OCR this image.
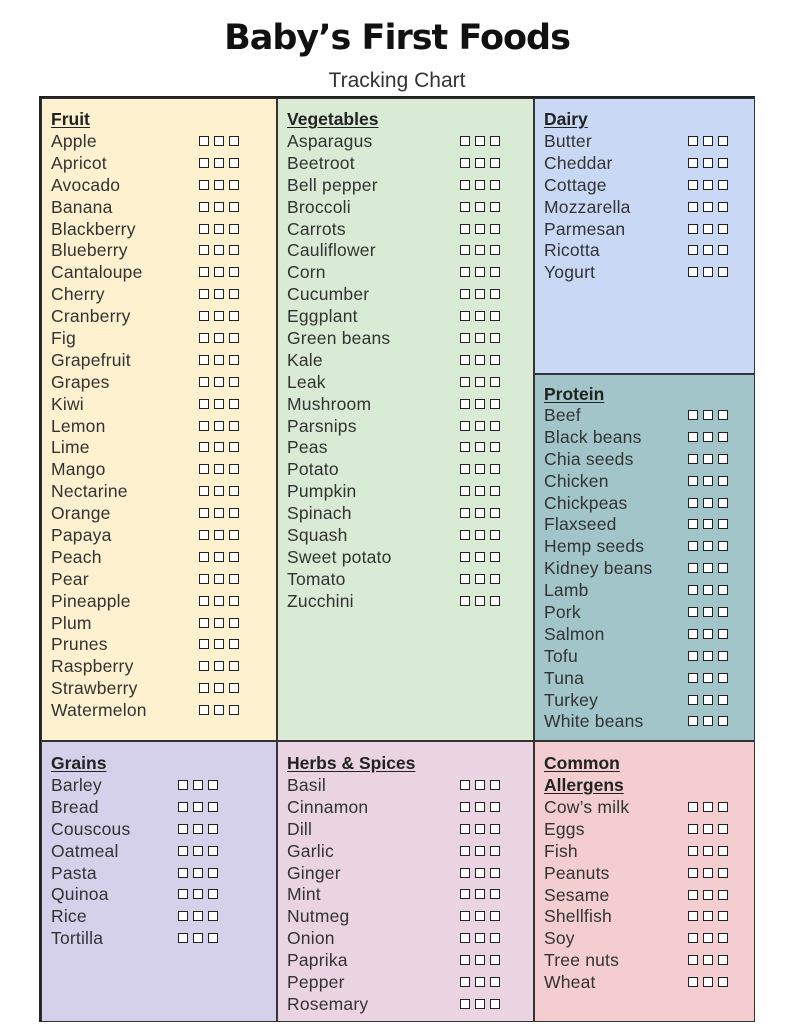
Baby’s First Foods
Tracking Chart
Fruit
Apple
Apricot
Avocado
Banana
Blackberry
Blueberry
Cantaloupe
Cherry
Cranberry
Fig
Grapefruit
Grapes
Kiwi
Lemon
Lime
Mango
Nectarine
Orange
Papaya
Peach
Pear
Pineapple
Plum
Prunes
Raspberry
Strawberry
Watermelon
Vegetables
Asparagus
Beetroot
Bell pepper
Broccoli
Carrots
Cauliflower
Corn
Cucumber
Eggplant
Green beans
Kale
Leak
Mushroom
Parsnips
Peas
Potato
Pumpkin
Spinach
Squash
Sweet potato
Tomato
Zucchini
Dairy
Butter
Cheddar
Cottage
Mozzarella
Parmesan
Ricotta
Yogurt
Protein
Beef
Black beans
Chia seeds
Chicken
Chickpeas
Flaxseed
Hemp seeds
Kidney beans
Lamb
Pork
Salmon
Tofu
Tuna
Turkey
White beans
Grains
Barley
Bread
Couscous
Oatmeal
Pasta
Quinoa
Rice
Tortilla
Herbs & Spices
Basil
Cinnamon
Dill
Garlic
Ginger
Mint
Nutmeg
Onion
Paprika
Pepper
Rosemary
Common
Allergens
Cow’s milk
Eggs
Fish
Peanuts
Sesame
Shellfish
Soy
Tree nuts
Wheat
